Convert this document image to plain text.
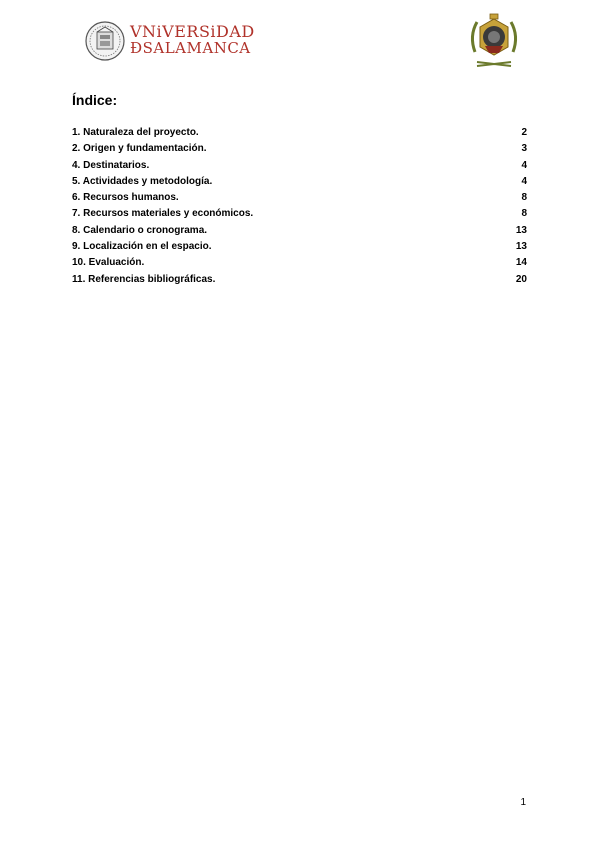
VNiVERSiDAD
ÐSALAMANCA
Índice:
1. Naturaleza del proyecto.	2
2. Origen y fundamentación.	3
4. Destinatarios.	4
5. Actividades y metodología.	4
6. Recursos humanos.	8
7. Recursos materiales y económicos.	8
8. Calendario o cronograma.	13
9. Localización en el espacio.	13
10. Evaluación.	14
11. Referencias bibliográficas.	20
1
